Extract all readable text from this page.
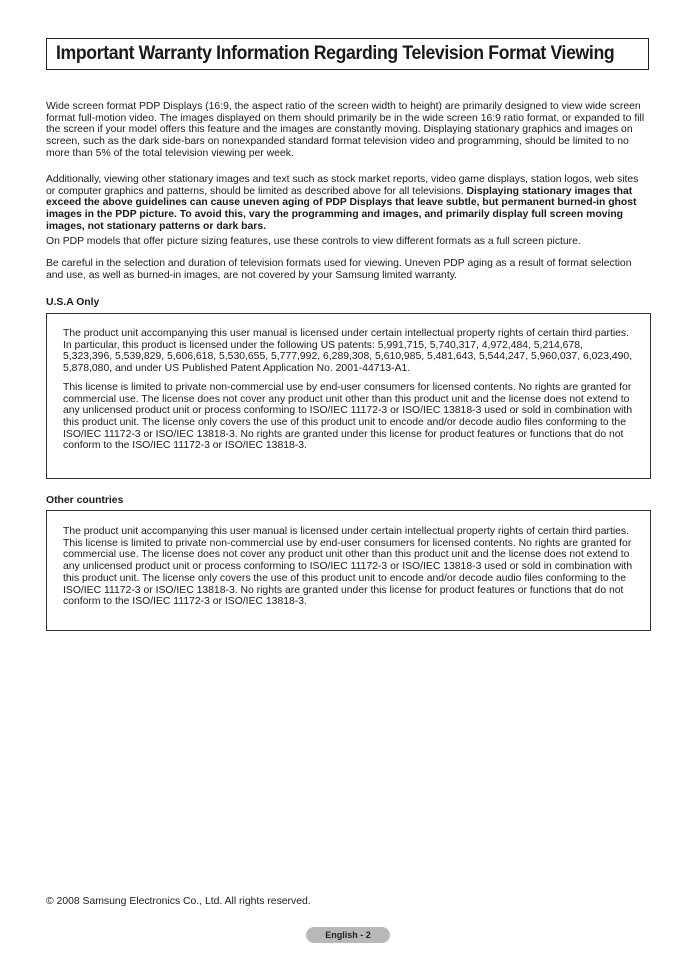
Important Warranty Information Regarding Television Format Viewing

Wide screen format PDP Displays (16:9, the aspect ratio of the screen width to height) are primarily designed to view wide screen format full-motion video. The images displayed on them should primarily be in the wide screen 16:9 ratio format, or expanded to fill the screen if your model offers this feature and the images are constantly moving. Displaying stationary graphics and images on screen, such as the dark side-bars on nonexpanded standard format television video and programming, should be limited to no more than 5% of the total television viewing per week.

Additionally, viewing other stationary images and text such as stock market reports, video game displays, station logos, web sites or computer graphics and patterns, should be limited as described above for all televisions. Displaying stationary images that exceed the above guidelines can cause uneven aging of PDP Displays that leave subtle, but permanent burned-in ghost images in the PDP picture. To avoid this, vary the programming and images, and primarily display full screen moving images, not stationary patterns or dark bars.

On PDP models that offer picture sizing features, use these controls to view different formats as a full screen picture.

Be careful in the selection and duration of television formats used for viewing. Uneven PDP aging as a result of format selection and use, as well as burned-in images, are not covered by your Samsung limited warranty.

U.S.A Only

The product unit accompanying this user manual is licensed under certain intellectual property rights of certain third parties. In particular, this product is licensed under the following US patents: 5,991,715, 5,740,317, 4,972,484, 5,214,678, 5,323,396, 5,539,829, 5,606,618, 5,530,655, 5,777,992, 6,289,308, 5,610,985, 5,481,643, 5,544,247, 5,960,037, 6,023,490, 5,878,080, and under US Published Patent Application No. 2001-44713-A1.

This license is limited to private non-commercial use by end-user consumers for licensed contents. No rights are granted for commercial use. The license does not cover any product unit other than this product unit and the license does not extend to any unlicensed product unit or process conforming to ISO/IEC 11172-3 or ISO/IEC 13818-3 used or sold in combination with this product unit. The license only covers the use of this product unit to encode and/or decode audio files conforming to the ISO/IEC 11172-3 or ISO/IEC 13818-3. No rights are granted under this license for product features or functions that do not conform to the ISO/IEC 11172-3 or ISO/IEC 13818-3.

Other countries

The product unit accompanying this user manual is licensed under certain intellectual property rights of certain third parties. This license is limited to private non-commercial use by end-user consumers for licensed contents. No rights are granted for commercial use. The license does not cover any product unit other than this product unit and the license does not extend to any unlicensed product unit or process conforming to ISO/IEC 11172-3 or ISO/IEC 13818-3 used or sold in combination with this product unit. The license only covers the use of this product unit to encode and/or decode audio files conforming to the ISO/IEC 11172-3 or ISO/IEC 13818-3. No rights are granted under this license for product features or functions that do not conform to the ISO/IEC 11172-3 or ISO/IEC 13818-3.

© 2008 Samsung Electronics Co., Ltd. All rights reserved.

English - 2
